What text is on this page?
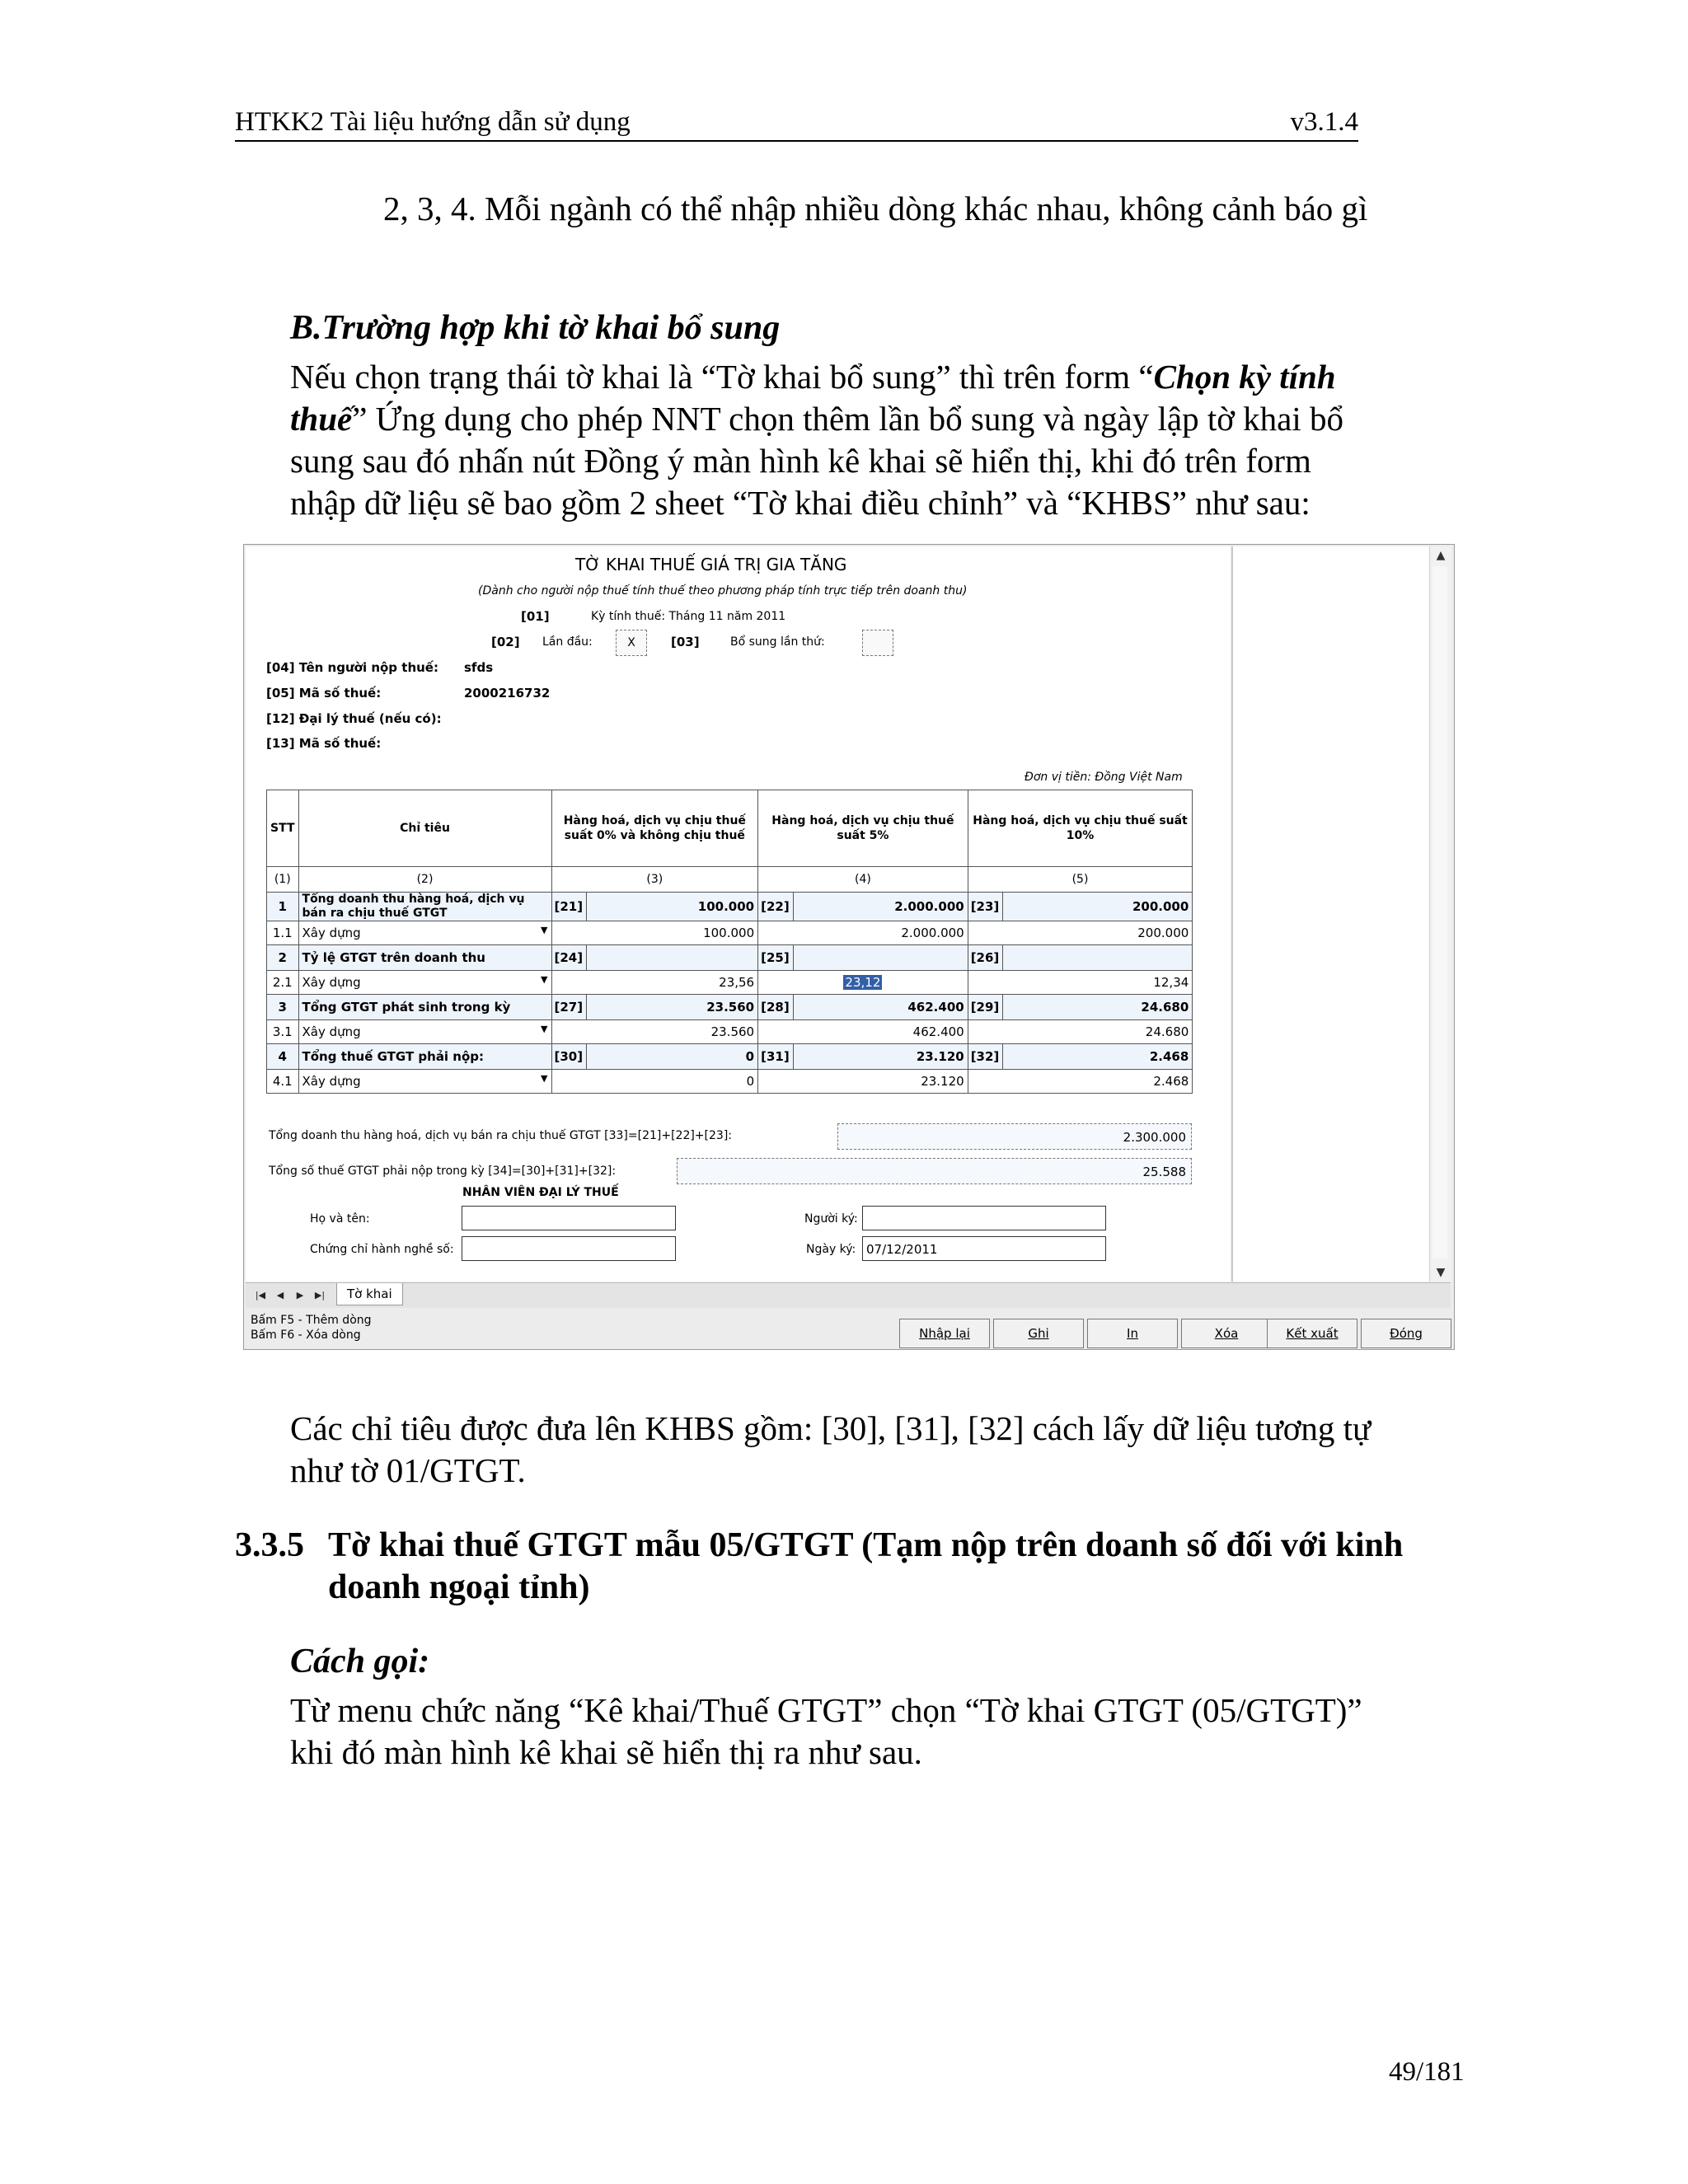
HTKK2 Tài liệu hướng dẫn sử dụng	v3.1.4
2, 3, 4. Mỗi ngành có thể nhập nhiều dòng khác nhau, không cảnh báo gì
B.Trường hợp khi tờ khai bổ sung
Nếu chọn trạng thái tờ khai là “Tờ khai bổ sung” thì trên form “Chọn kỳ tính
thuế” Ứng dụng cho phép NNT chọn thêm lần bổ sung và ngày lập tờ khai bổ
sung sau đó nhấn nút Đồng ý màn hình kê khai sẽ hiển thị, khi đó trên form
nhập dữ liệu sẽ bao gồm 2 sheet “Tờ khai điều chỉnh” và “KHBS” như sau:
TỜ KHAI THUẾ GIÁ TRỊ GIA TĂNG
(Dành cho người nộp thuế tính thuế theo phương pháp tính trực tiếp trên doanh thu)
[01]	Kỳ tính thuế: Tháng 11 năm 2011
[02] Lần đầu:	X	[03]	Bổ sung lần thứ:
[04] Tên người nộp thuế: sfds
[05] Mã số thuế:	2000216732
[12] Đại lý thuế (nếu có):
[13] Mã số thuế:
Đơn vị tiền: Đồng Việt Nam
STT	Chỉ tiêu	Hàng hoá, dịch vụ chịu thuế suất 0% và không chịu thuế		Hàng hoá, dịch vụ chịu thuế suất 5%		Hàng hoá, dịch vụ chịu thuế suất 10%	
(1)	(2)	(3)		(4)		(5)	
1	Tổng doanh thu hàng hoá, dịch vụ bán ra chịu thuế GTGT	[21]	100.000	[22]	2.000.000	[23]	200.000
1.1	Xây dựng ▼	100.000		2.000.000		200.000	
2	Tỷ lệ GTGT trên doanh thu	[24]		[25]		[26]	
2.1	Xây dựng ▼	23,56		23,12		12,34	
3	Tổng GTGT phát sinh trong kỳ	[27]	23.560	[28]	462.400	[29]	24.680
3.1	Xây dựng ▼	23.560		462.400		24.680	
4	Tổng thuế GTGT phải nộp:	[30]	0	[31]	23.120	[32]	2.468
4.1	Xây dựng ▼	0		23.120		2.468	
Tổng doanh thu hàng hoá, dịch vụ bán ra chịu thuế GTGT [33]=[21]+[22]+[23]:	2.300.000
Tổng số thuế GTGT phải nộp trong kỳ [34]=[30]+[31]+[32]:	25.588
NHÂN VIÊN ĐẠI LÝ THUẾ
Họ và tên:
Chứng chỉ hành nghề số:
Người ký:
Ngày ký: 07/12/2011
▲
▼
|◀	◀	▶	▶|	Tờ khai
Bấm F5 - Thêm dòng
Bấm F6 - Xóa dòng	Nhập lại	Ghi	In	Xóa	Kết xuất	Đóng
Các chỉ tiêu được đưa lên KHBS gồm: [30], [31], [32] cách lấy dữ liệu tương tự
như tờ 01/GTGT.
3.3.5 Tờ khai thuế GTGT mẫu 05/GTGT (Tạm nộp trên doanh số đối với kinh
doanh ngoại tỉnh)
Cách gọi:
Từ menu chức năng “Kê khai/Thuế GTGT” chọn “Tờ khai GTGT (05/GTGT)”
khi đó màn hình kê khai sẽ hiển thị ra như sau.
49/181
